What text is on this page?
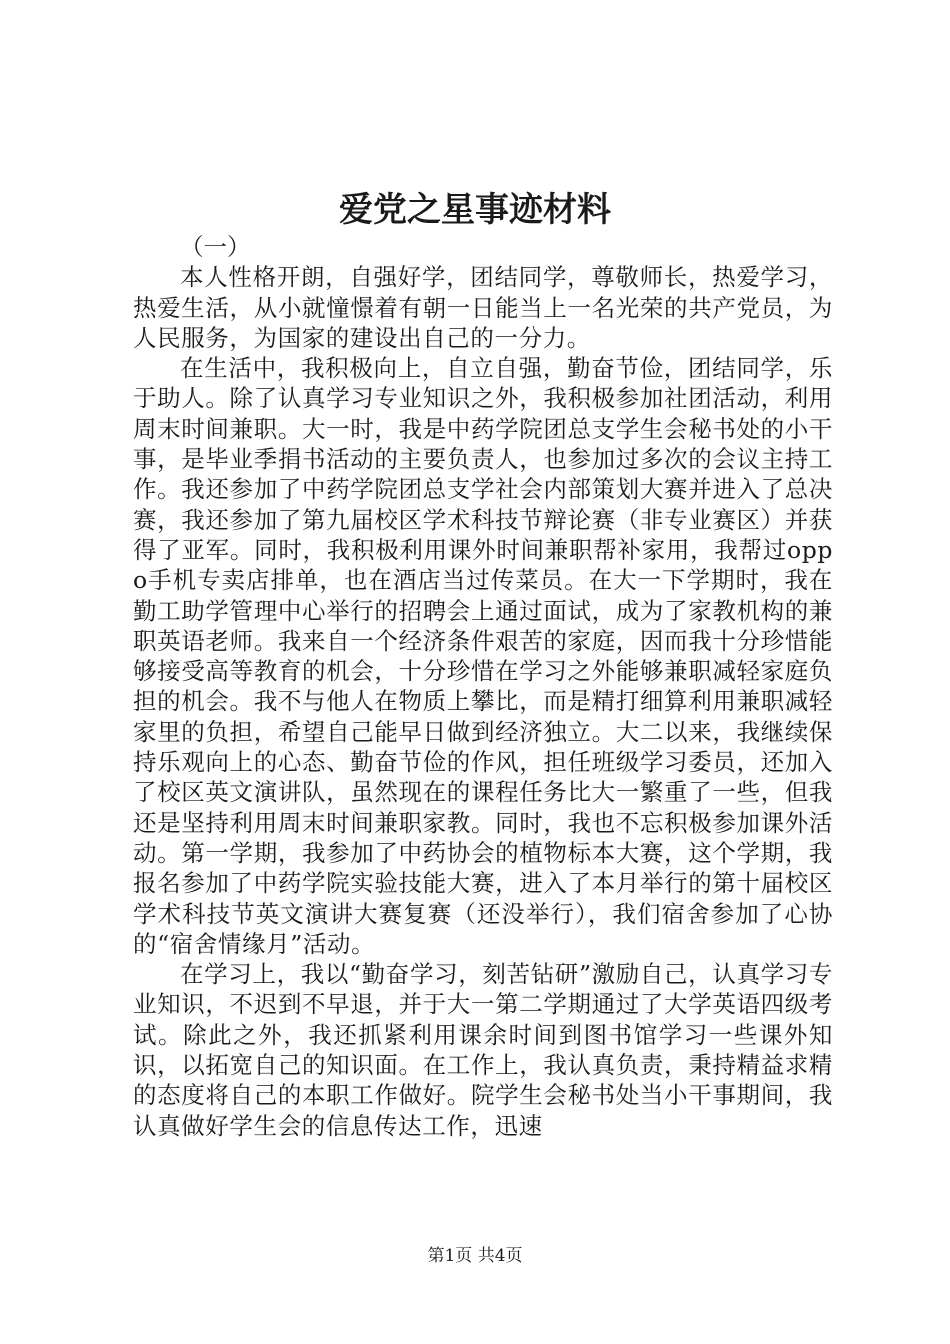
爱党之星事迹材料

（一）

本人性格开朗，自强好学，团结同学，尊敬师长，热爱学习，热爱生活，从小就憧憬着有朝一日能当上一名光荣的共产党员，为人民服务，为国家的建设出自己的一分力。

在生活中，我积极向上，自立自强，勤奋节俭，团结同学，乐于助人。除了认真学习专业知识之外，我积极参加社团活动，利用周末时间兼职。大一时，我是中药学院团总支学生会秘书处的小干事，是毕业季捐书活动的主要负责人，也参加过多次的会议主持工作。我还参加了中药学院团总支学社会内部策划大赛并进入了总决赛，我还参加了第九届校区学术科技节辩论赛（非专业赛区）并获得了亚军。同时，我积极利用课外时间兼职帮补家用，我帮过oppo手机专卖店排单，也在酒店当过传菜员。在大一下学期时，我在勤工助学管理中心举行的招聘会上通过面试，成为了家教机构的兼职英语老师。我来自一个经济条件艰苦的家庭，因而我十分珍惜能够接受高等教育的机会，十分珍惜在学习之外能够兼职减轻家庭负担的机会。我不与他人在物质上攀比，而是精打细算利用兼职减轻家里的负担，希望自己能早日做到经济独立。大二以来，我继续保持乐观向上的心态、勤奋节俭的作风，担任班级学习委员，还加入了校区英文演讲队，虽然现在的课程任务比大一繁重了一些，但我还是坚持利用周末时间兼职家教。同时，我也不忘积极参加课外活动。第一学期，我参加了中药协会的植物标本大赛，这个学期，我报名参加了中药学院实验技能大赛，进入了本月举行的第十届校区学术科技节英文演讲大赛复赛（还没举行），我们宿舍参加了心协的“宿舍情缘月”活动。

在学习上，我以“勤奋学习，刻苦钻研”激励自己，认真学习专业知识，不迟到不早退，并于大一第二学期通过了大学英语四级考试。除此之外，我还抓紧利用课余时间到图书馆学习一些课外知识，以拓宽自己的知识面。在工作上，我认真负责，秉持精益求精的态度将自己的本职工作做好。院学生会秘书处当小干事期间，我认真做好学生会的信息传达工作，迅速

第1页 共4页
